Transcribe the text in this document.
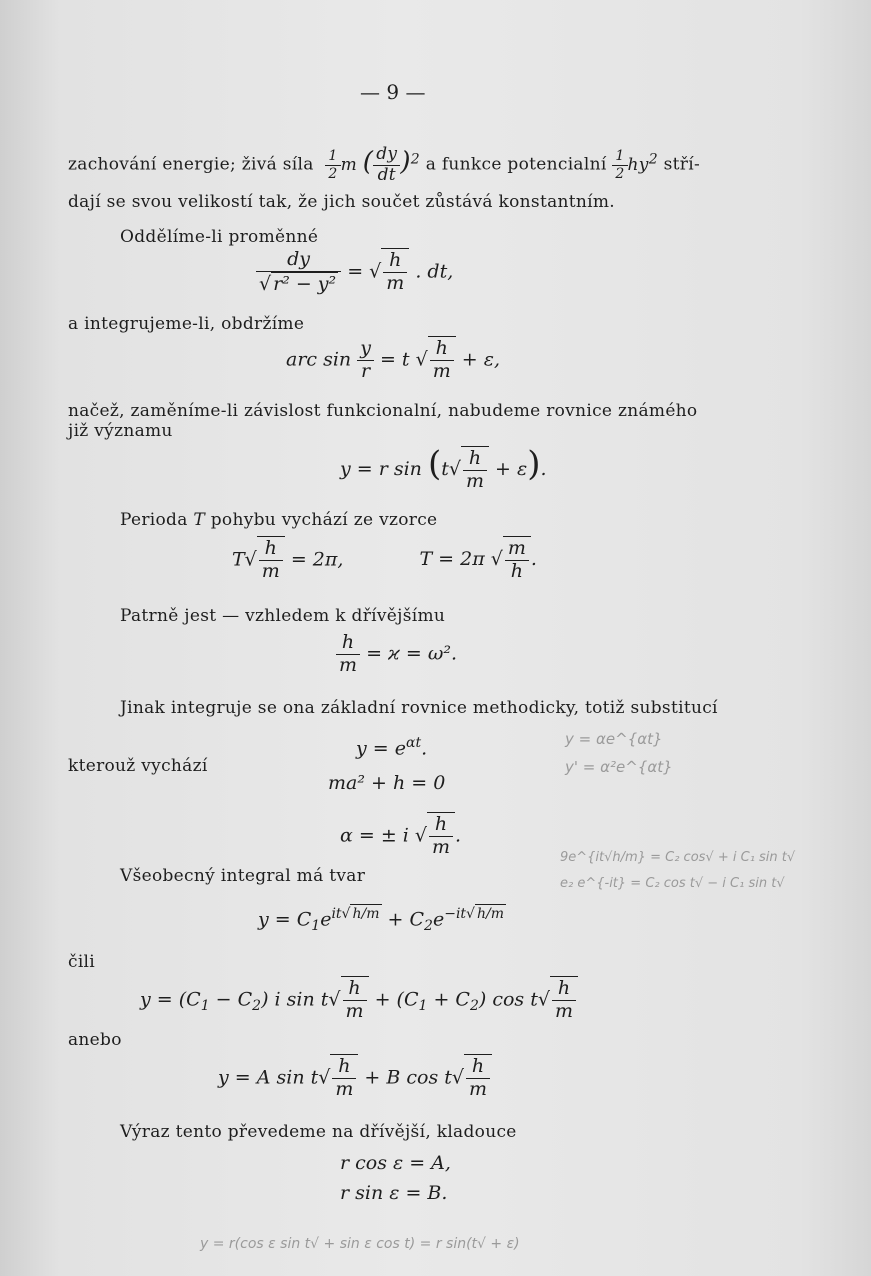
— 9 —
zachování energie; živá síla $\frac{1}{2}$ m ( $\frac{dy}{dt} )^2$ a funkce potencialní $\frac{1}{2} hy^2$ stří-
dají se svou velikostí tak, že jich součet zůstává konstantním.
Oddělíme-li proměnné
$\frac{dy}{\text{√ r² − y²}}$ = √ $\frac{h}{m}$ . dt,
a integrujeme-li, obdržíme
arc $\sin \frac{y}{r} = t$ √ $\frac{h}{m} + \varepsilon$,
načež, zaměníme-li závislost funkcionalní, nabudeme rovnice známého
již významu
y = r $\sin (t√ \frac{h}{m} + \varepsilon)$.
Perioda T pohybu vychází ze vzorce
$T√ \frac{h}{m} = 2\pi$,	T = 2π √ $\frac{m}{h}$ .
Patrně jest — vzhledem k dřívějšímu
$\frac{h}{m} = ϰ = \omega^2$.
Jinak integruje se ona základní rovnice methodicky, totiž substitucí
$y = e^{\alpha t}$.
kterouž vychází
ma² + h = 0
α = ± i √ $\frac{h}{m}$ .
Všeobecný integral má tvar
$y = C_1e^{it√ h/m} + C_2e^{-it√ h/m}$
čili
$y = (C_1 - C_2)$ i $\sin t√ \frac{h}{m} + (C_1 + C_2)$ $\cos t√ \frac{h}{m}$
anebo
y = A $\sin t√ \frac{h}{m} + B$ $\cos t√ \frac{h}{m}$
Výraz tento převedeme na dřívější, kladouce
r cos ε = A,
r sin ε = B.
y = αe^{αt}
y' = α²e^{αt}
9e^{it√h/m} = C₂ cos√ + i C₁ sin t√
e₂ e^{-it} = C₂ cos t√ − i C₁ sin t√
y = r(cos ε sin t√ + sin ε cos t) = r sin(t√ + ε)
